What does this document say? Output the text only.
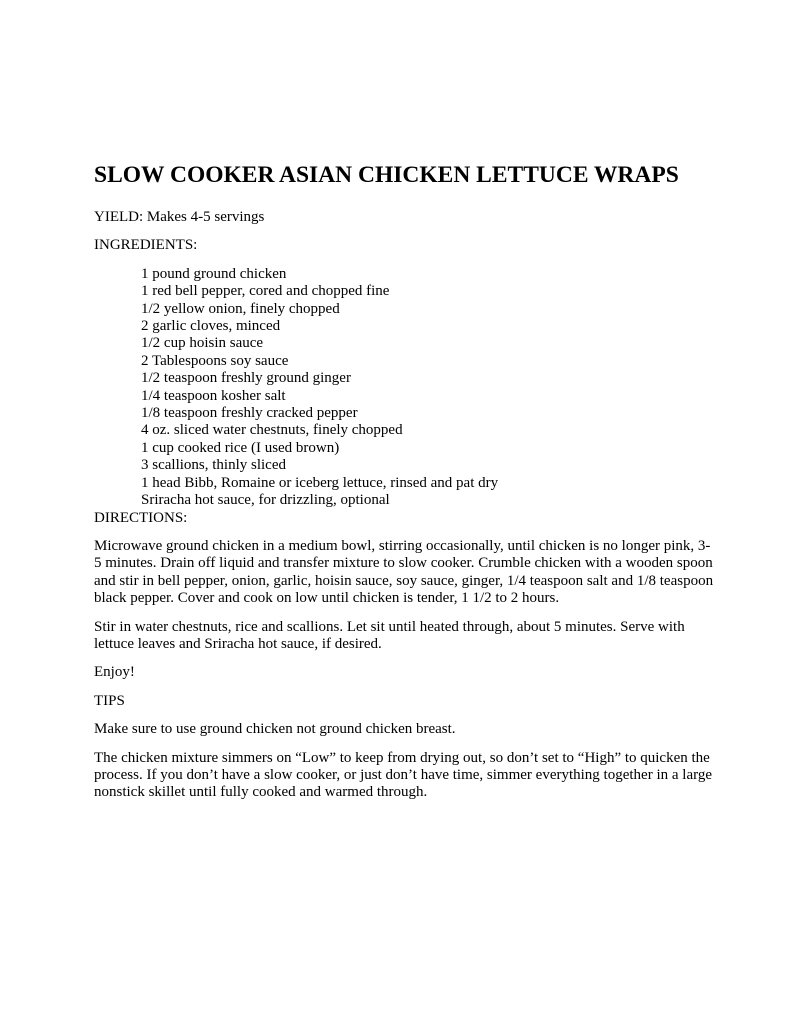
SLOW COOKER ASIAN CHICKEN LETTUCE WRAPS

YIELD: Makes 4-5 servings

INGREDIENTS:

1 pound ground chicken
1 red bell pepper, cored and chopped fine
1/2 yellow onion, finely chopped
2 garlic cloves, minced
1/2 cup hoisin sauce
2 Tablespoons soy sauce
1/2 teaspoon freshly ground ginger
1/4 teaspoon kosher salt
1/8 teaspoon freshly cracked pepper
4 oz. sliced water chestnuts, finely chopped
1 cup cooked rice (I used brown)
3 scallions, thinly sliced
1 head Bibb, Romaine or iceberg lettuce, rinsed and pat dry
Sriracha hot sauce, for drizzling, optional

DIRECTIONS:

Microwave ground chicken in a medium bowl, stirring occasionally, until chicken is no longer pink, 3-5 minutes. Drain off liquid and transfer mixture to slow cooker. Crumble chicken with a wooden spoon and stir in bell pepper, onion, garlic, hoisin sauce, soy sauce, ginger, 1/4 teaspoon salt and 1/8 teaspoon black pepper. Cover and cook on low until chicken is tender, 1 1/2 to 2 hours.

Stir in water chestnuts, rice and scallions. Let sit until heated through, about 5 minutes. Serve with lettuce leaves and Sriracha hot sauce, if desired.

Enjoy!

TIPS

Make sure to use ground chicken not ground chicken breast.

The chicken mixture simmers on “Low” to keep from drying out, so don’t set to “High” to quicken the process. If you don’t have a slow cooker, or just don’t have time, simmer everything together in a large nonstick skillet until fully cooked and warmed through.
